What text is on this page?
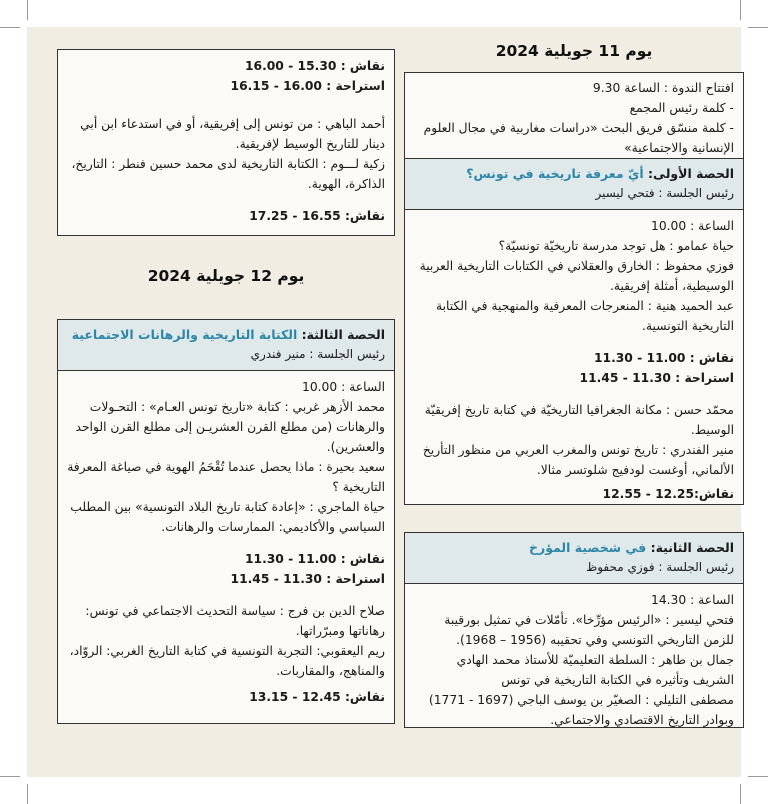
يوم 11 جويلية 2024
افتتاح الندوة : الساعة 9.30
- كلمة رئيس المجمع
- كلمة منسّق فريق البحث «دراسات مغاربية في مجال العلوم الإنسانية والاجتماعية»
الحصة الأولى: أيّ معرفة تاريخية في تونس؟
رئيس الجلسة : فتحي ليسير
الساعة : 10.00
حياة عمامو : هل توجد مدرسة تاريخيّة تونسيّة؟
فوزي محفوظ : الخارق والعقلاني في الكتابات التاريخية العربية الوسيطية، أمثلة إفريقية.
عبد الحميد هنية : المنعرجات المعرفية والمنهجية في الكتابة التاريخية التونسية.
نقاش : 11.00 - 11.30
استراحة : 11.30 - 11.45
محمّد حسن : مكانة الجغرافيا التاريخيّة في كتابة تاريخ إفريقيّة الوسيط.
منير الفندري : تاريخ تونس والمغرب العربي من منظور التأريخ الألماني، أوغست لودفيج شلوتسر مثالا.
نقاش:12.25 - 12.55
الحصة الثانية: في شخصية المؤرخ
رئيس الجلسة : فوزي محفوظ
الساعة : 14.30
فتحي ليسير : «الرئيس مؤرِّخا». تأمّلات في تمثيل بورقيبة للزمن التاريخي التونسي وفي تحقيبه (1956 – 1968).
جمال بن طاهر : السلطة التعليميّة للأستاذ محمد الهادي الشريف وتأثيره في الكتابة التاريخية في تونس
مصطفى التليلي : الصغيّر بن يوسف الباجي (1697 - 1771) وبوادر التاريخ الاقتصادي والاجتماعي.
نقاش : 15.30 - 16.00
استراحة : 16.00 - 16.15
أحمد الباهي : من تونس إلى إفريقية، أو في استدعاء ابن أبي دينار للتاريخ الوسيط لإفريقية.
زكية لـــوم : الكتابة التاريخية لدى محمد حسين فنطر : التاريخ، الذاكرة، الهوية.
نقاش: 16.55 - 17.25
يوم 12 جويلية 2024
الحصة الثالثة: الكتابة التاريخية والرهانات الاجتماعية
رئيس الجلسة : منير فندري
الساعة : 10.00
محمد الأزهر غربي : كتابة «تاريخ تونس العـام» : التحـولات والرهانات (من مطلع القرن العشريـن إلى مطلع القرن الواحد والعشرين).
سعيد بحيرة : ماذا يحصل عندما تُقْحَمُ الهوية في صياغة المعرفة التاريخية ؟
حياة الماجري : «إعادة كتابة تاريخ البلاد التونسية» بين المطلب السياسي والأكاديمي: الممارسات والرهانات.
نقاش : 11.00 - 11.30
استراحة : 11.30 - 11.45
صلاح الدين بن فرج : سياسة التحديث الاجتماعي في تونس: رهاناتها ومبرّراتها.
ريم اليعقوبي: التجربة التونسية في كتابة التاريخ الغربي: الروّاد، والمناهج، والمقاربات.
نقاش: 12.45 - 13.15
